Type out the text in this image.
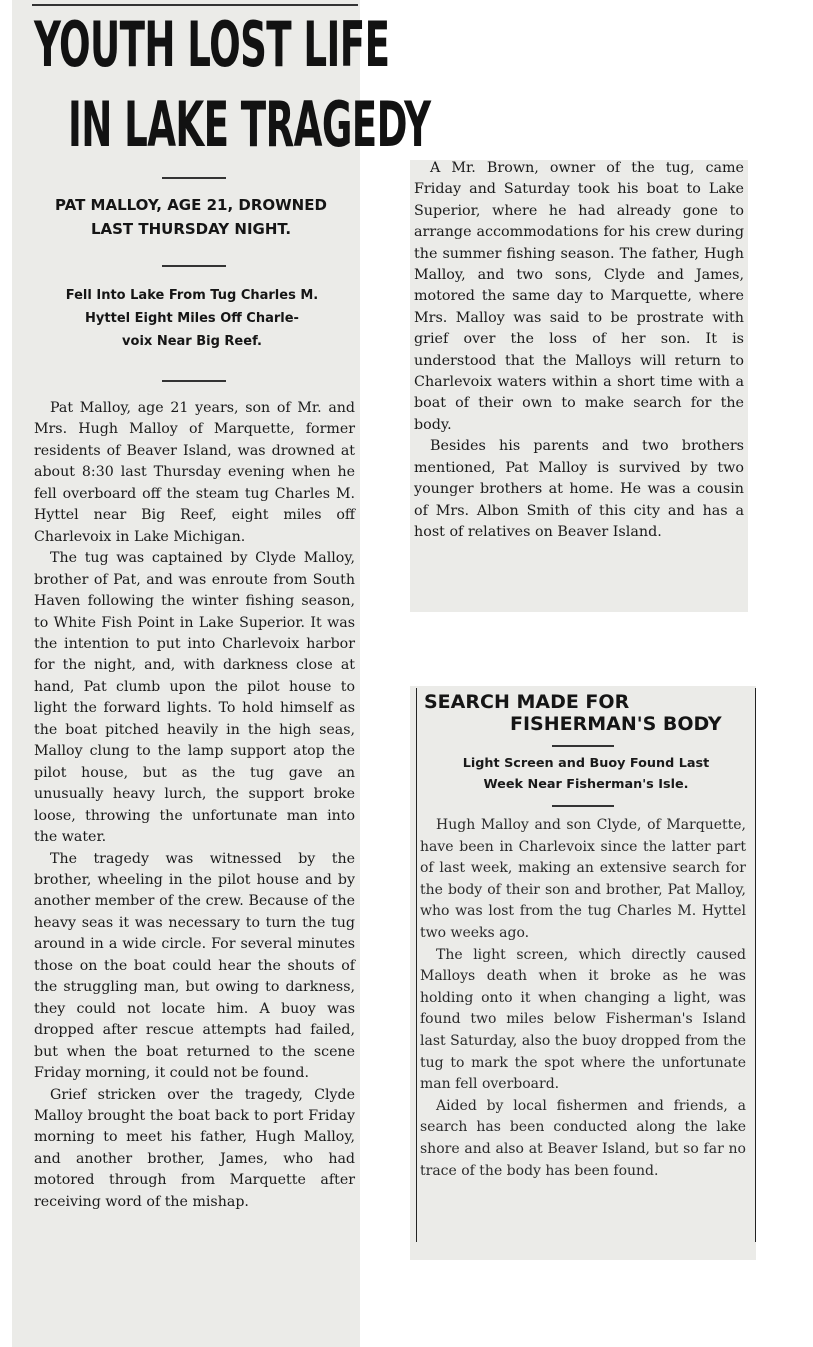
YOUTH LOST LIFE
IN LAKE TRAGEDY
PAT MALLOY, AGE 21, DROWNED
LAST THURSDAY NIGHT.
Fell Into Lake From Tug Charles M.
Hyttel Eight Miles Off Charle-
voix Near Big Reef.

Pat Malloy, age 21 years, son of Mr. and Mrs. Hugh Malloy of Marquette, former residents of Beaver Island, was drowned at about 8:30 last Thursday evening when he fell overboard off the steam tug Charles M. Hyttel near Big Reef, eight miles off Charlevoix in Lake Michigan.

The tug was captained by Clyde Malloy, brother of Pat, and was enroute from South Haven following the winter fishing season, to White Fish Point in Lake Superior. It was the intention to put into Charlevoix harbor for the night, and, with darkness close at hand, Pat clumb upon the pilot house to light the forward lights. To hold himself as the boat pitched heavily in the high seas, Malloy clung to the lamp support atop the pilot house, but as the tug gave an unusually heavy lurch, the support broke loose, throwing the unfortunate man into the water.

The tragedy was witnessed by the brother, wheeling in the pilot house and by another member of the crew. Because of the heavy seas it was necessary to turn the tug around in a wide circle. For several minutes those on the boat could hear the shouts of the struggling man, but owing to darkness, they could not locate him. A buoy was dropped after rescue attempts had failed, but when the boat returned to the scene Friday morning, it could not be found.

Grief stricken over the tragedy, Clyde Malloy brought the boat back to port Friday morning to meet his father, Hugh Malloy, and another brother, James, who had motored through from Marquette after receiving word of the mishap.

A Mr. Brown, owner of the tug, came Friday and Saturday took his boat to Lake Superior, where he had already gone to arrange accommodations for his crew during the summer fishing season. The father, Hugh Malloy, and two sons, Clyde and James, motored the same day to Marquette, where Mrs. Malloy was said to be prostrate with grief over the loss of her son. It is understood that the Malloys will return to Charlevoix waters within a short time with a boat of their own to make search for the body.

Besides his parents and two brothers mentioned, Pat Malloy is survived by two younger brothers at home. He was a cousin of Mrs. Albon Smith of this city and has a host of relatives on Beaver Island.

SEARCH MADE FOR
FISHERMAN'S BODY
Light Screen and Buoy Found Last
Week Near Fisherman's Isle.

Hugh Malloy and son Clyde, of Marquette, have been in Charlevoix since the latter part of last week, making an extensive search for the body of their son and brother, Pat Malloy, who was lost from the tug Charles M. Hyttel two weeks ago.

The light screen, which directly caused Malloys death when it broke as he was holding onto it when changing a light, was found two miles below Fisherman's Island last Saturday, also the buoy dropped from the tug to mark the spot where the unfortunate man fell overboard.

Aided by local fishermen and friends, a search has been conducted along the lake shore and also at Beaver Island, but so far no trace of the body has been found.
